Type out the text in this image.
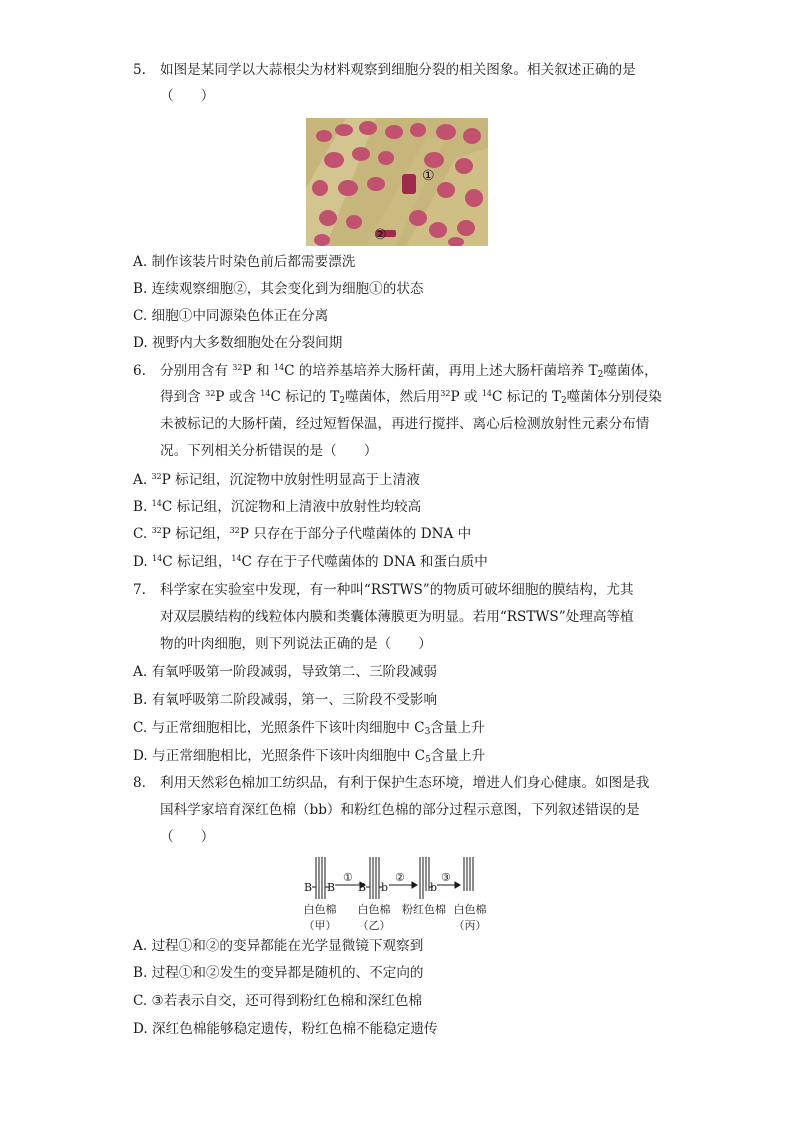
5. 如图是某同学以大蒜根尖为材料观察到细胞分裂的相关图象。相关叙述正确的是
（　　）
①
②
A. 制作该装片时染色前后都需要漂洗
B. 连续观察细胞②，其会变化到为细胞①的状态
C. 细胞①中同源染色体正在分离
D. 视野内大多数细胞处在分裂间期
6. 分别用含有 $^{32}$P 和 $^{14}$C 的培养基培养大肠杆菌，再用上述大肠杆菌培养 $T_2$噬菌体，
得到含 $^{32}$P 或含 $^{14}$C 标记的 $T_2$噬菌体，然后用$^{32}$P 或 $^{14}$C 标记的 $T_2$噬菌体分别侵染
未被标记的大肠杆菌，经过短暂保温，再进行搅拌、离心后检测放射性元素分布情
况。下列相关分析错误的是（　　）
A. $^{32}$P 标记组，沉淀物中放射性明显高于上清液
B. $^{14}$C 标记组，沉淀物和上清液中放射性均较高
C. $^{32}$P 标记组，$^{32}$P 只存在于部分子代噬菌体的 DNA 中
D. $^{14}$C 标记组，$^{14}$C 存在于子代噬菌体的 DNA 和蛋白质中
7. 科学家在实验室中发现，有一种叫“RSTWS”的物质可破坏细胞的膜结构，尤其
对双层膜结构的线粒体内膜和类囊体薄膜更为明显。若用“RSTWS”处理高等植
物的叶肉细胞，则下列说法正确的是（　　）
A. 有氧呼吸第一阶段减弱，导致第二、三阶段减弱
B. 有氧呼吸第二阶段减弱，第一、三阶段不受影响
C. 与正常细胞相比，光照条件下该叶肉细胞中 $C_3$含量上升
D. 与正常细胞相比，光照条件下该叶肉细胞中 $C_5$含量上升
8. 利用天然彩色棉加工纺织品，有利于保护生态环境，增进人们身心健康。如图是我
国科学家培育深红色棉（bb）和粉红色棉的部分过程示意图，下列叙述错误的是
（　　）
B B B b	b
①	②	③
白色棉 白色棉 粉红色棉 白色棉
（甲） （乙）	（丙）
A. 过程①和②的变异都能在光学显微镜下观察到
B. 过程①和②发生的变异都是随机的、不定向的
C. ③若表示自交，还可得到粉红色棉和深红色棉
D. 深红色棉能够稳定遗传，粉红色棉不能稳定遗传
